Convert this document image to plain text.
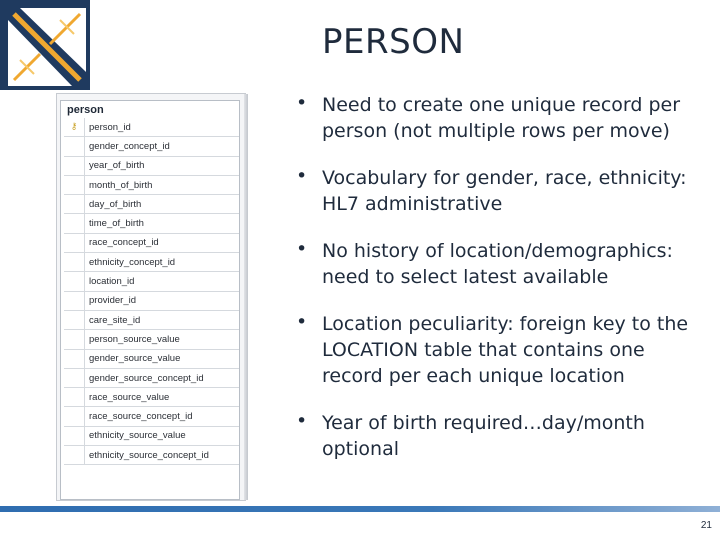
PERSON
person
⚷	person_id
gender_concept_id
year_of_birth
month_of_birth
day_of_birth
time_of_birth
race_concept_id
ethnicity_concept_id
location_id
provider_id
care_site_id
person_source_value
gender_source_value
gender_source_concept_id
race_source_value
race_source_concept_id
ethnicity_source_value
ethnicity_source_concept_id
• Need to create one unique record per person (not multiple rows per move)
• Vocabulary for gender, race, ethnicity: HL7 administrative
• No history of location/demographics: need to select latest available
• Location peculiarity: foreign key to the LOCATION table that contains one record per each unique location
• Year of birth required…day/month optional
21
